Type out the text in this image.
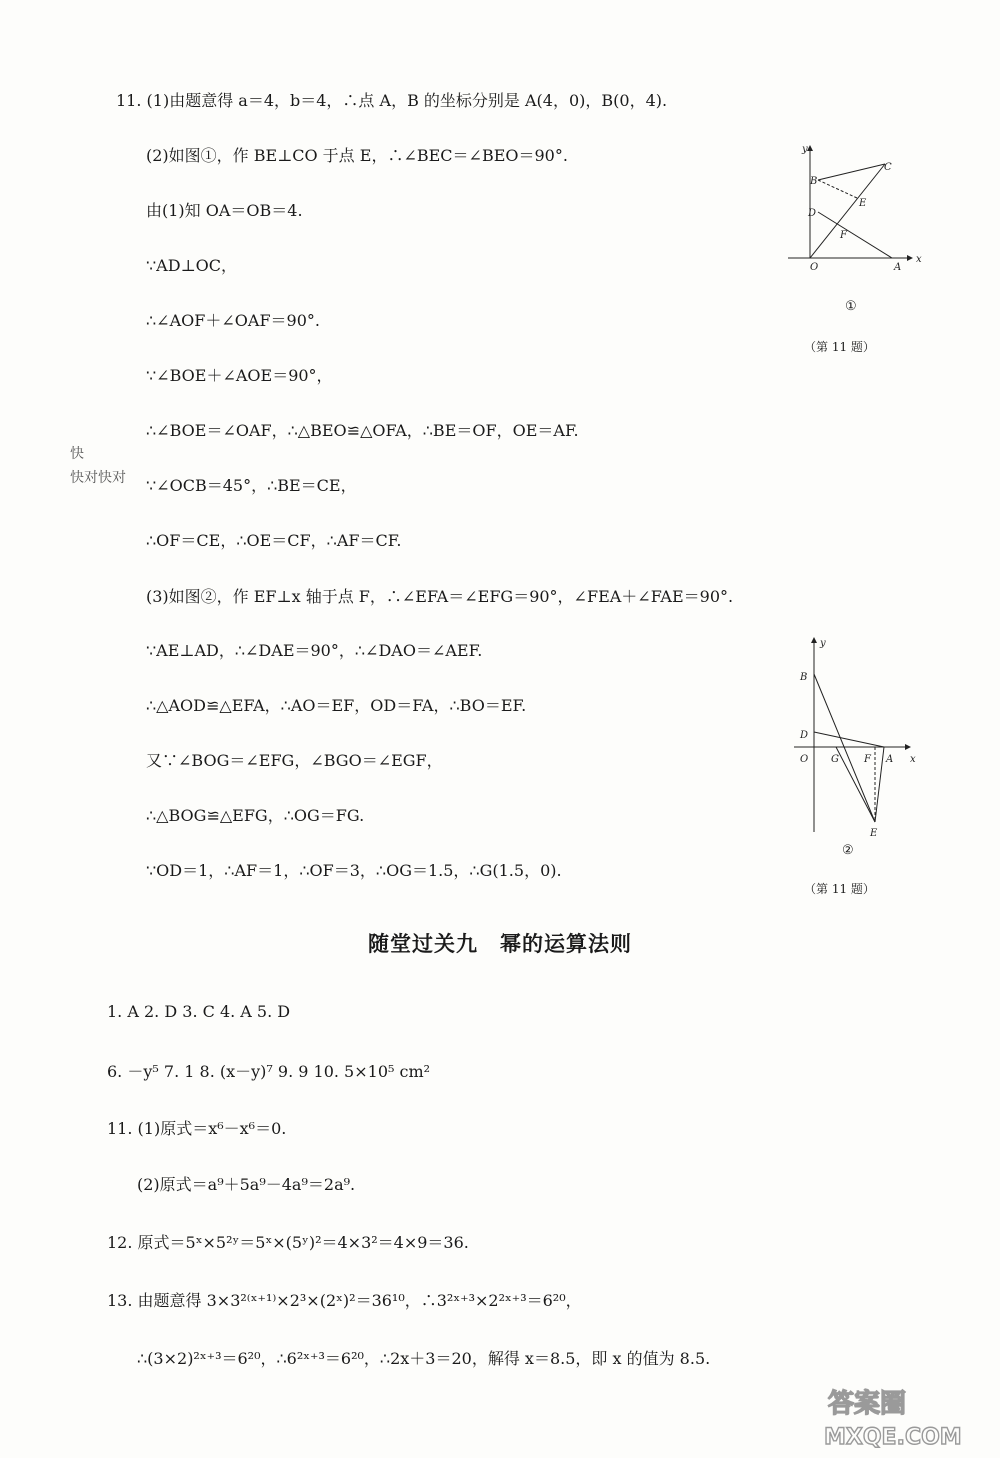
11. (1)由题意得 a＝4，b＝4，∴点 A，B 的坐标分别是 A(4，0)，B(0，4).
(2)如图①，作 BE⊥CO 于点 E，∴∠BEC＝∠BEO＝90°.
由(1)知 OA＝OB＝4.
∵AD⊥OC，
∴∠AOF＋∠OAF＝90°.
∵∠BOE＋∠AOE＝90°，
∴∠BOE＝∠OAF，∴△BEO≌△OFA，∴BE＝OF，OE＝AF.
∵∠OCB＝45°，∴BE＝CE，
∴OF＝CE，∴OE＝CF，∴AF＝CF.
(3)如图②，作 EF⊥x 轴于点 F，∴∠EFA＝∠EFG＝90°，∠FEA＋∠FAE＝90°.
∵AE⊥AD，∴∠DAE＝90°，∴∠DAO＝∠AEF.
∴△AOD≌△EFA，∴AO＝EF，OD＝FA，∴BO＝EF.
又∵∠BOG＝∠EFG，∠BGO＝∠EGF，
∴△BOG≌△EFG，∴OG＝FG.
∵OD＝1，∴AF＝1，∴OF＝3，∴OG＝1.5，∴G(1.5，0).
快
快对快对
y
x
O	A
B
C
D
E
F
①
（第 11 题）
y
x
O G	F A
B
D
E
②
（第 11 题）
随堂过关九　幂的运算法则
1. A 2. D 3. C 4. A 5. D
6. －y⁵ 7. 1 8. (x－y)⁷ 9. 9 10. 5×10⁵ cm²
11. (1)原式＝x⁶－x⁶＝0.
(2)原式＝a⁹＋5a⁹－4a⁹＝2a⁹.
12. 原式＝5ˣ×5²ʸ＝5ˣ×(5ʸ)²＝4×3²＝4×9＝36.
13. 由题意得 3×3²⁽ˣ⁺¹⁾×2³×(2ˣ)²＝36¹⁰，∴3²ˣ⁺³×2²ˣ⁺³＝6²⁰，
∴(3×2)²ˣ⁺³＝6²⁰，∴6²ˣ⁺³＝6²⁰，∴2x＋3＝20，解得 x＝8.5，即 x 的值为 8.5.
答案圈
MXQE.COM
